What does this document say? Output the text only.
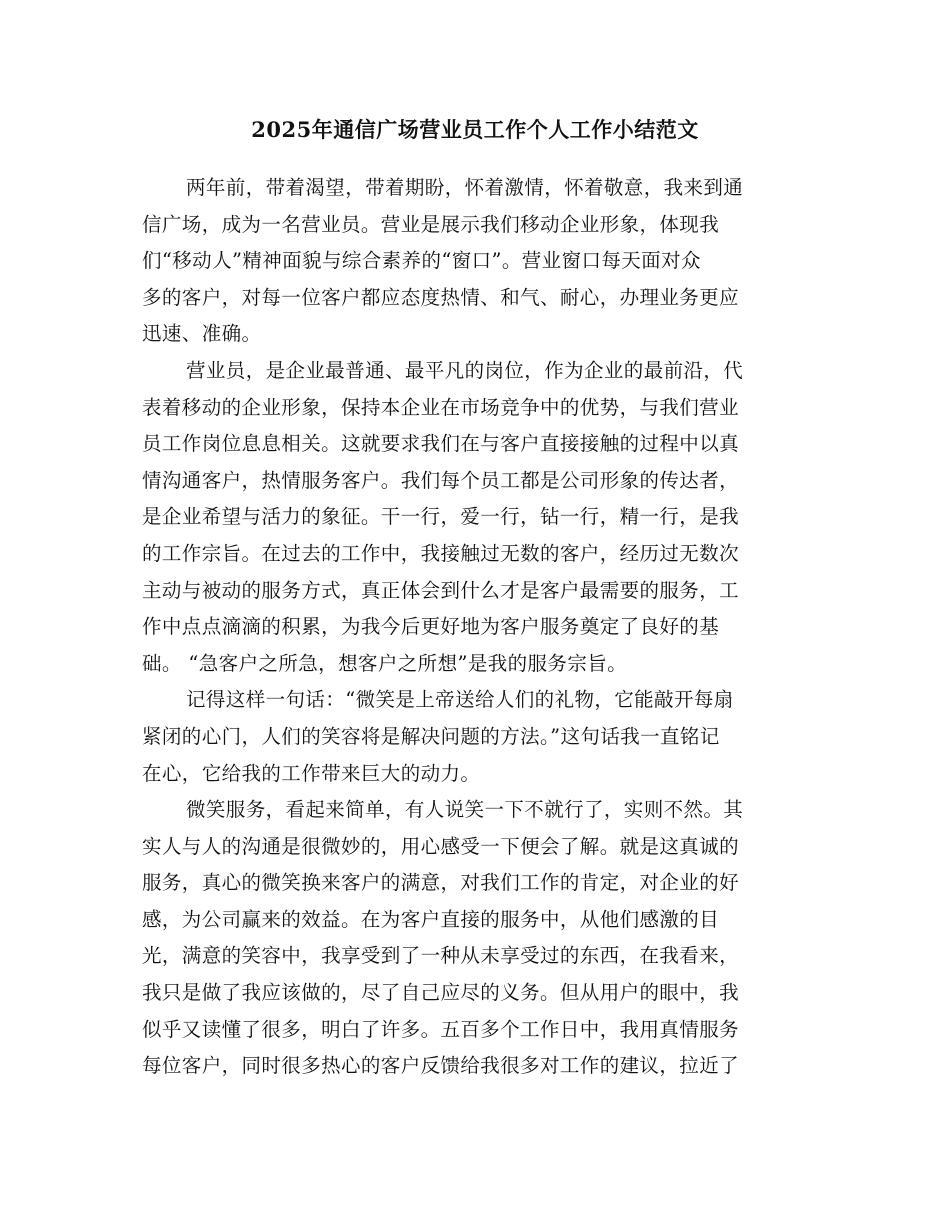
2025年通信广场营业员工作个人工作小结范文
两年前，带着渴望，带着期盼，怀着激情，怀着敬意，我来到通
信广场，成为一名营业员。营业是展示我们移动企业形象，体现我
们“移动人”精神面貌与综合素养的“窗口”。营业窗口每天面对众
多的客户，对每一位客户都应态度热情、和气、耐心，办理业务更应
迅速、准确。
营业员，是企业最普通、最平凡的岗位，作为企业的最前沿，代
表着移动的企业形象，保持本企业在市场竞争中的优势，与我们营业
员工作岗位息息相关。这就要求我们在与客户直接接触的过程中以真
情沟通客户，热情服务客户。我们每个员工都是公司形象的传达者，
是企业希望与活力的象征。干一行，爱一行，钻一行，精一行，是我
的工作宗旨。在过去的工作中，我接触过无数的客户，经历过无数次
主动与被动的服务方式，真正体会到什么才是客户最需要的服务，工
作中点点滴滴的积累，为我今后更好地为客户服务奠定了良好的基
础。 “急客户之所急，想客户之所想”是我的服务宗旨。
记得这样一句话：“微笑是上帝送给人们的礼物，它能敲开每扇
紧闭的心门，人们的笑容将是解决问题的方法。”这句话我一直铭记
在心，它给我的工作带来巨大的动力。
微笑服务，看起来简单，有人说笑一下不就行了，实则不然。其
实人与人的沟通是很微妙的，用心感受一下便会了解。就是这真诚的
服务，真心的微笑换来客户的满意，对我们工作的肯定，对企业的好
感，为公司赢来的效益。在为客户直接的服务中，从他们感激的目
光，满意的笑容中，我享受到了一种从未享受过的东西，在我看来，
我只是做了我应该做的，尽了自己应尽的义务。但从用户的眼中，我
似乎又读懂了很多，明白了许多。五百多个工作日中，我用真情服务
每位客户，同时很多热心的客户反馈给我很多对工作的建议，拉近了
